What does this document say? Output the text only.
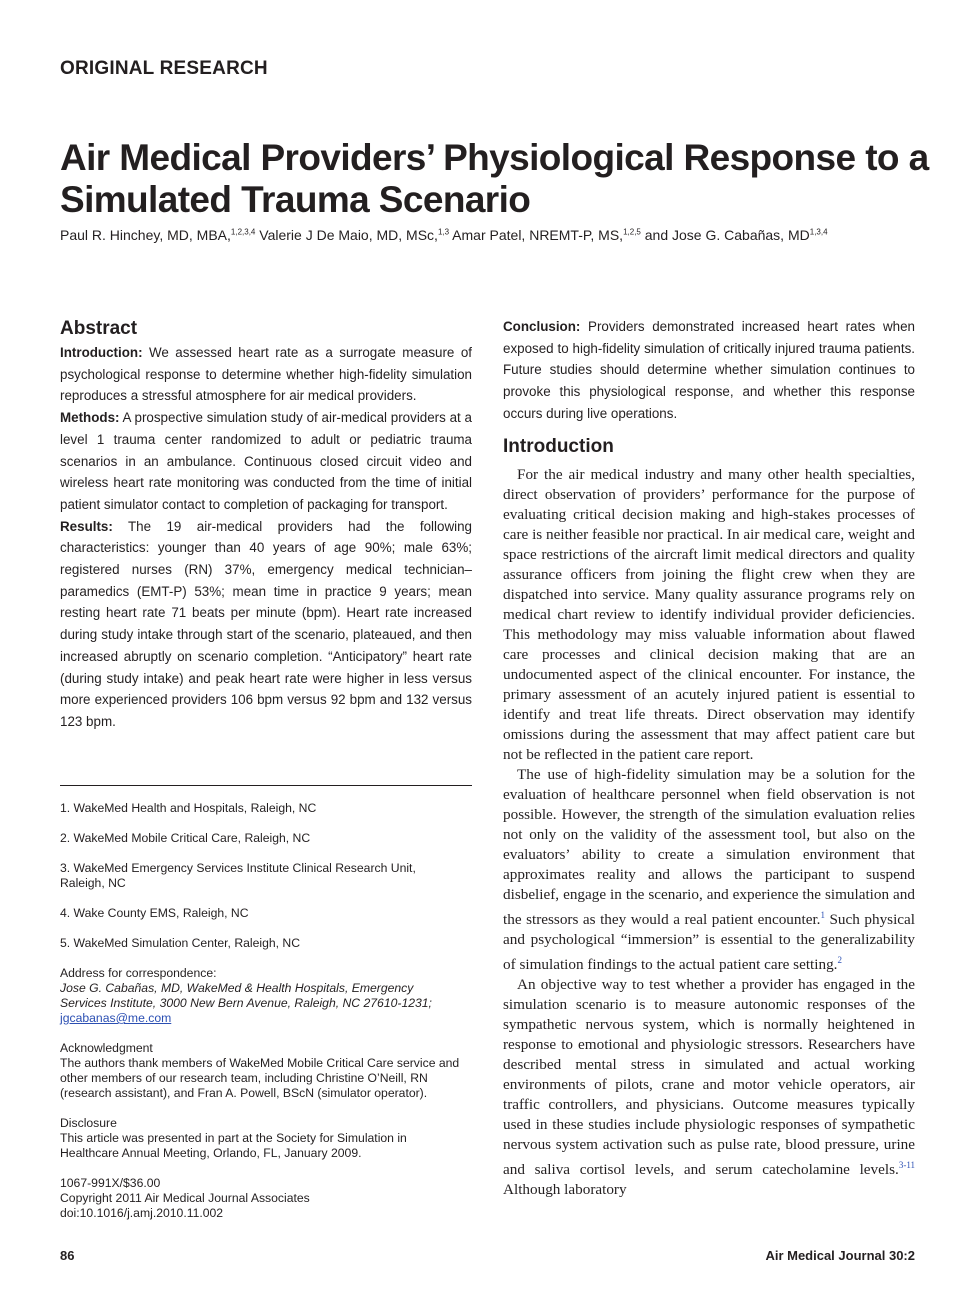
ORIGINAL RESEARCH
Air Medical Providers’ Physiological Response to a Simulated Trauma Scenario
Paul R. Hinchey, MD, MBA,$^{1,2,3,4}$ Valerie J De Maio, MD, MSc,$^{1,3}$ Amar Patel, NREMT-P, MS,$^{1,2,5}$ and Jose G. Cabañas, MD$^{1,3,4}$
Abstract

Introduction: We assessed heart rate as a surrogate measure of psychological response to determine whether high-fidelity simulation reproduces a stressful atmosphere for air medical providers.

Methods: A prospective simulation study of air-medical providers at a level 1 trauma center randomized to adult or pediatric trauma scenarios in an ambulance. Continuous closed circuit video and wireless heart rate monitoring was conducted from the time of initial patient simulator contact to completion of packaging for transport.

Results: The 19 air-medical providers had the following characteristics: younger than 40 years of age 90%; male 63%; registered nurses (RN) 37%, emergency medical technician–paramedics (EMT-P) 53%; mean time in practice 9 years; mean resting heart rate 71 beats per minute (bpm). Heart rate increased during study intake through start of the scenario, plateaued, and then increased abruptly on scenario completion. “Anticipatory” heart rate (during study intake) and peak heart rate were higher in less versus more experienced providers 106 bpm versus 92 bpm and 132 versus 123 bpm.

1. WakeMed Health and Hospitals, Raleigh, NC
2. WakeMed Mobile Critical Care, Raleigh, NC
3. WakeMed Emergency Services Institute Clinical Research Unit, Raleigh, NC
4. Wake County EMS, Raleigh, NC
5. WakeMed Simulation Center, Raleigh, NC

Address for correspondence:

Jose G. Cabañas, MD, WakeMed & Health Hospitals, Emergency Services Institute, 3000 New Bern Avenue, Raleigh, NC 27610-1231;

jgcabanas@me.com

Acknowledgment

The authors thank members of WakeMed Mobile Critical Care service and other members of our research team, including Christine O’Neill, RN (research assistant), and Fran A. Powell, BScN (simulator operator).

Disclosure

This article was presented in part at the Society for Simulation in Healthcare Annual Meeting, Orlando, FL, January 2009.

1067-991X/$36.00

Copyright 2011 Air Medical Journal Associates

doi:10.1016/j.amj.2010.11.002

Conclusion: Providers demonstrated increased heart rates when exposed to high-fidelity simulation of critically injured trauma patients. Future studies should determine whether simulation continues to provoke this physiological response, and whether this response occurs during live operations.

Introduction

For the air medical industry and many other health specialties, direct observation of providers’ performance for the purpose of evaluating critical decision making and high-stakes processes of care is neither feasible nor practical. In air medical care, weight and space restrictions of the aircraft limit medical directors and quality assurance officers from joining the flight crew when they are dispatched into service. Many quality assurance programs rely on medical chart review to identify individual provider deficiencies. This methodology may miss valuable information about flawed care processes and clinical decision making that are an undocumented aspect of the clinical encounter. For instance, the primary assessment of an acutely injured patient is essential to identify and treat life threats. Direct observation may identify omissions during the assessment that may affect patient care but not be reflected in the patient care report.

The use of high-fidelity simulation may be a solution for the evaluation of healthcare personnel when field observation is not possible. However, the strength of the simulation evaluation relies not only on the validity of the assessment tool, but also on the evaluators’ ability to create a simulation environment that approximates reality and allows the participant to suspend disbelief, engage in the scenario, and experience the simulation and the stressors as they would a real patient encounter.$^1$ Such physical and psychological “immersion” is essential to the generalizability of simulation findings to the actual patient care setting.$^2$

An objective way to test whether a provider has engaged in the simulation scenario is to measure autonomic responses of the sympathetic nervous system, which is normally heightened in response to emotional and physiologic stressors. Researchers have described mental stress in simulated and actual working environments of pilots, crane and motor vehicle operators, air traffic controllers, and physicians. Outcome measures typically used in these studies include physiologic responses of sympathetic nervous system activation such as pulse rate, blood pressure, urine and saliva cortisol levels, and serum catecholamine levels.$^{3-11}$ Although laboratory

86	Air Medical Journal 30:2
